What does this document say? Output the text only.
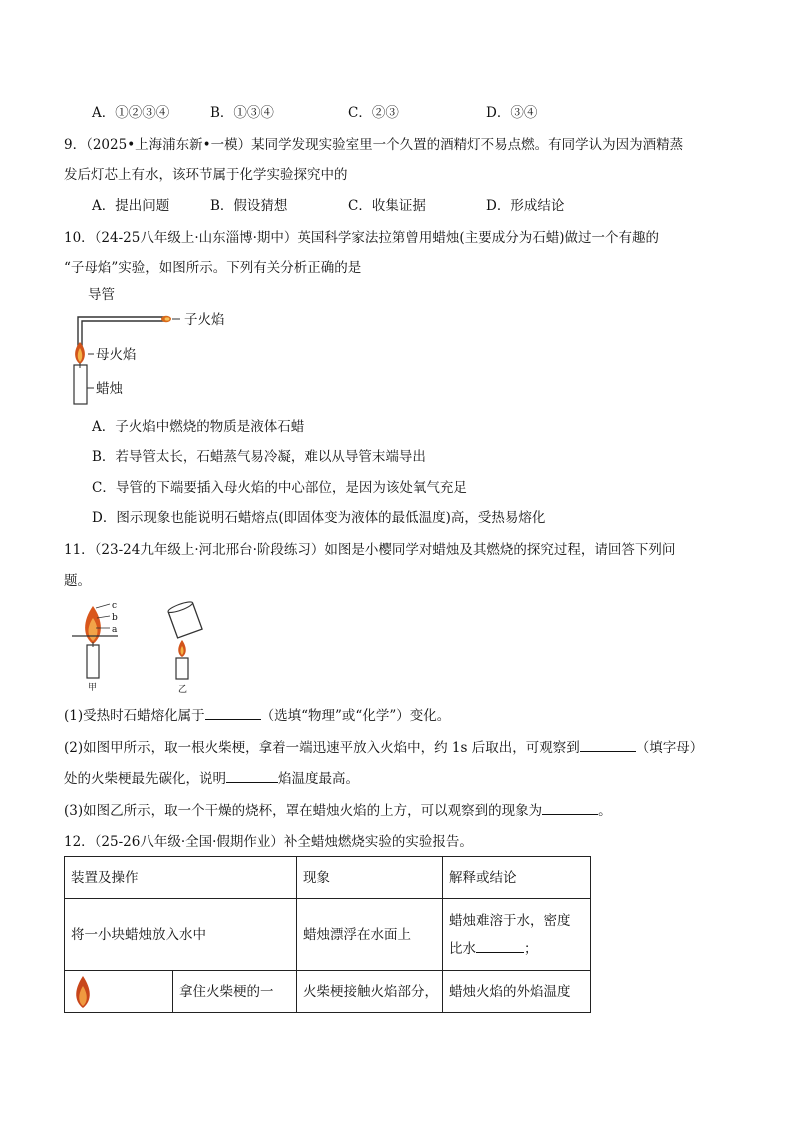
A．①②③④	B．①③④	C．②③	D．③④
9．（2025•上海浦东新•一模）某同学发现实验室里一个久置的酒精灯不易点燃。有同学认为因为酒精蒸
发后灯芯上有水，该环节属于化学实验探究中的
A．提出问题	B．假设猜想	C．收集证据	D．形成结论
10．（24-25八年级上·山东淄博·期中）英国科学家法拉第曾用蜡烛(主要成分为石蜡)做过一个有趣的
“子母焰”实验，如图所示。下列有关分析正确的是
导管
子火焰
母火焰
蜡烛
A．子火焰中燃烧的物质是液体石蜡
B．若导管太长，石蜡蒸气易冷凝，难以从导管末端导出
C．导管的下端要插入母火焰的中心部位，是因为该处氧气充足
D．图示现象也能说明石蜡熔点(即固体变为液体的最低温度)高，受热易熔化
11．（23-24九年级上·河北邢台·阶段练习）如图是小樱同学对蜡烛及其燃烧的探究过程，请回答下列问
题。
c
b
a
甲	乙
(1)受热时石蜡熔化属于	（选填“物理”或“化学”）变化。
(2)如图甲所示，取一根火柴梗，拿着一端迅速平放入火焰中，约 1s 后取出，可观察到	（填字母）
处的火柴梗最先碳化，说明	焰温度最高。
(3)如图乙所示，取一个干燥的烧杯，罩在蜡烛火焰的上方，可以观察到的现象为	。
12．（25-26八年级·全国·假期作业）补全蜡烛燃烧实验的实验报告。
装置及操作		现象	解释或结论
将一小块蜡烛放入水中		蜡烛漂浮在水面上	蜡烛难溶于水，密度
比水 ；

	拿住火柴梗的一	火柴梗接触火焰部分，	蜡烛火焰的外焰温度
